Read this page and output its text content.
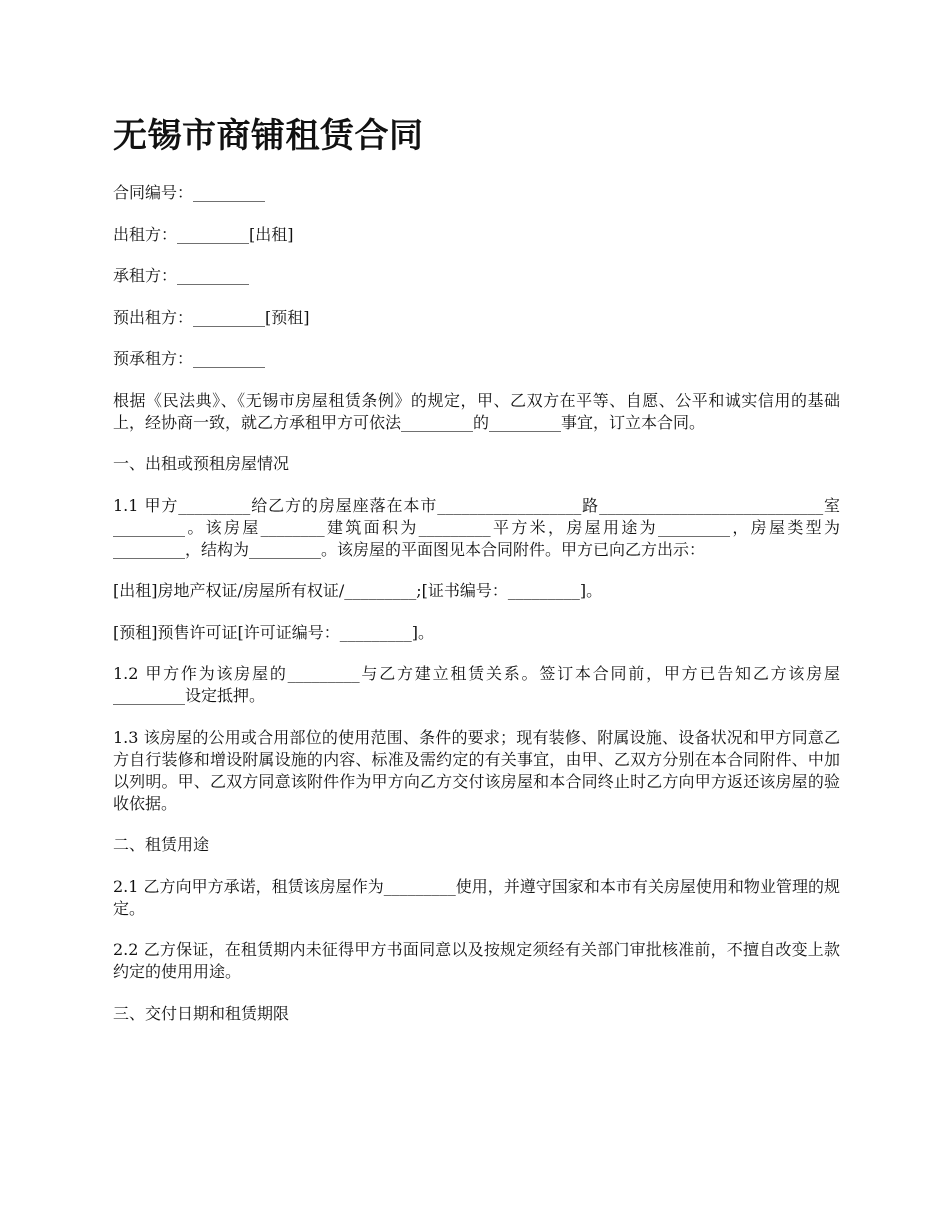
无锡市商铺租赁合同

合同编号：_________

出租方：_________[出租]

承租方：_________

预出租方：_________[预租]

预承租方：_________

根据《民法典》、《无锡市房屋租赁条例》的规定，甲、乙双方在平等、自愿、公平和诚实信用的基础上，经协商一致，就乙方承租甲方可依法_________的_________事宜，订立本合同。

一、出租或预租房屋情况

1.1 甲方_________给乙方的房屋座落在本市__________________路____________________________室_________。该房屋________建筑面积为_________平方米，房屋用途为_________，房屋类型为_________，结构为_________。该房屋的平面图见本合同附件。甲方已向乙方出示：

[出租]房地产权证/房屋所有权证/_________;[证书编号：_________]。

[预租]预售许可证[许可证编号：_________]。

1.2 甲方作为该房屋的_________与乙方建立租赁关系。签订本合同前，甲方已告知乙方该房屋_________设定抵押。

1.3 该房屋的公用或合用部位的使用范围、条件的要求；现有装修、附属设施、设备状况和甲方同意乙方自行装修和增设附属设施的内容、标准及需约定的有关事宜，由甲、乙双方分别在本合同附件、中加以列明。甲、乙双方同意该附件作为甲方向乙方交付该房屋和本合同终止时乙方向甲方返还该房屋的验收依据。

二、租赁用途

2.1 乙方向甲方承诺，租赁该房屋作为_________使用，并遵守国家和本市有关房屋使用和物业管理的规定。

2.2 乙方保证，在租赁期内未征得甲方书面同意以及按规定须经有关部门审批核准前，不擅自改变上款约定的使用用途。

三、交付日期和租赁期限
